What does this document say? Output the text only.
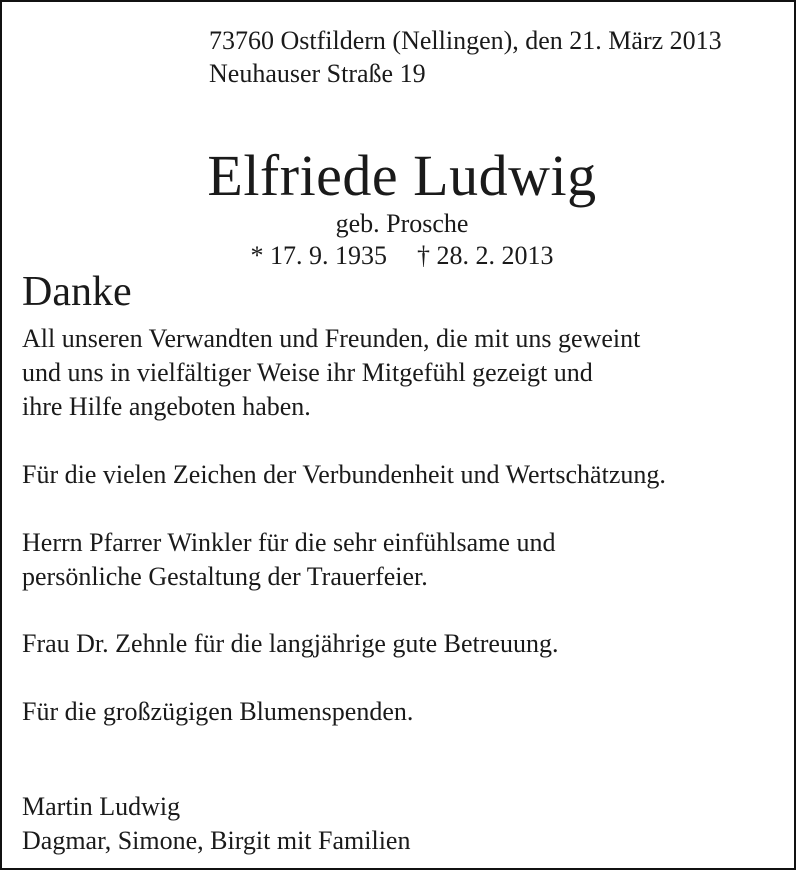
73760 Ostfildern (Nellingen), den 21. März 2013
Neuhauser Straße 19
Elfriede Ludwig
geb. Prosche
* 17. 9. 1935 † 28. 2. 2013
Danke
All unseren Verwandten und Freunden, die mit uns geweint
und uns in vielfältiger Weise ihr Mitgefühl gezeigt und
ihre Hilfe angeboten haben.
Für die vielen Zeichen der Verbundenheit und Wertschätzung.
Herrn Pfarrer Winkler für die sehr einfühlsame und
persönliche Gestaltung der Trauerfeier.
Frau Dr. Zehnle für die langjährige gute Betreuung.
Für die großzügigen Blumenspenden.
Martin Ludwig
Dagmar, Simone, Birgit mit Familien
